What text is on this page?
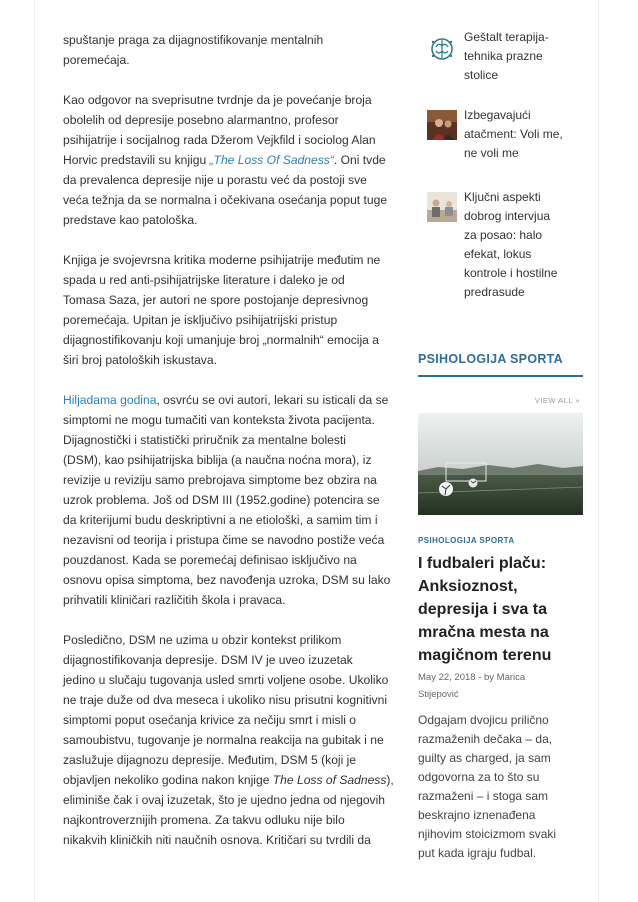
spuštanje praga za dijagnostifikovanje mentalnih
poremećaja.

Kao odgovor na sveprisutne tvrdnje da je povećanje broja
obolelih od depresije posebno alarmantno, profesor
psihijatrije i socijalnog rada Džerom Vejkfild i sociolog Alan
Horvic predstavili su knjigu „The Loss Of Sadness“. Oni tvde
da prevalenca depresije nije u porastu već da postoji sve
veća težnja da se normalna i očekivana osećanja poput tuge
predstave kao patološka.

Knjiga je svojevrsna kritika moderne psihijatrije međutim ne
spada u red anti-psihijatrijske literature i daleko je od
Tomasa Saza, jer autori ne spore postojanje depresivnog
poremećaja. Upitan je isključivo psihijatrijski pristup
dijagnostifikovanju koji umanjuje broj „normalnih“ emocija a
širi broj patoloških iskustava.

Hiljadama godina, osvrću se ovi autori, lekari su isticali da se
simptomi ne mogu tumačiti van konteksta života pacijenta.
Dijagnostički i statistički priručnik za mentalne bolesti
(DSM), kao psihijatrijska biblija (a naučna noćna mora), iz
revizije u reviziju samo prebrojava simptome bez obzira na
uzrok problema. Još od DSM III (1952.godine) potencira se
da kriterijumi budu deskriptivni a ne etiološki, a samim tim i
nezavisni od teorija i pristupa čime se navodno postiže veća
pouzdanost. Kada se poremećaj definisao isključivo na
osnovu opisa simptoma, bez navođenja uzroka, DSM su lako
prihvatili kliničari različitih škola i pravaca.

Posledično, DSM ne uzima u obzir kontekst prilikom
dijagnostifikovanja depresije. DSM IV je uveo izuzetak
jedino u slučaju tugovanja usled smrti voljene osobe. Ukoliko
ne traje duže od dva meseca i ukoliko nisu prisutni kognitivni
simptomi poput osećanja krivice za nečiju smrt i misli o
samoubistvu, tugovanje je normalna reakcija na gubitak i ne
zaslužuje dijagnozu depresije. Međutim, DSM 5 (koji je
objavljen nekoliko godina nakon knjige The Loss of Sadness),
eliminiše čak i ovaj izuzetak, što je ujedno jedna od njegovih
najkontroverznijih promena. Za takvu odluku nije bilo
nikakvih kliničkih niti naučnih osnova. Kritičari su tvrdili da

Geštalt terapija-
tehnika prazne
stolice
Izbegavajući
atačment: Voli me,
ne voli me
Ključni aspekti
dobrog intervjua
za posao: halo
efekat, lokus
kontrole i hostilne
predrasude
PSIHOLOGIJA SPORTA
VIEW ALL »
PSIHOLOGIJA SPORTA
I fudbaleri plaču:
Anksioznost,
depresija i sva ta
mračna mesta na
magičnom terenu
May 22, 2018 - by Marica
Stijepović
Odgajam dvojicu prilično
razmaženih dečaka – da,
guilty as charged, ja sam
odgovorna za to što su
razmaženi – i stoga sam
beskrajno iznenađena
njihovim stoicizmom svaki
put kada igraju fudbal.
